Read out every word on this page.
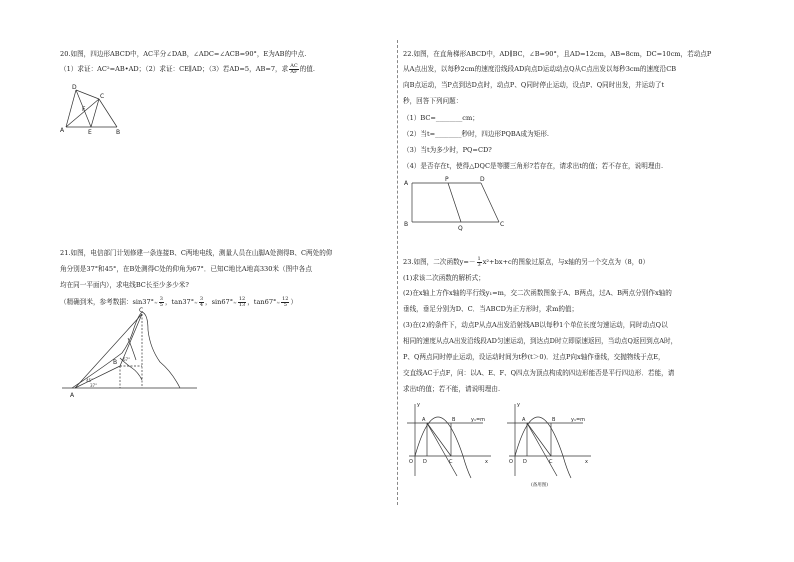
20.如图，四边形ABCD中，AC平分∠DAB，∠ADC=∠ACB=90°，E为AB的中点.
（1）求证：AC²=AB•AD；（2）求证：CE∥AD；（3）若AD=5，AB=7，求 $\frac{AC}{AF}$ 的值.
D
C
F
A	E	B
21.如图，电信部门计划修建一条连接B、C两地电线，测量人员在山脚A处测得B、C两处的仰
角分别是37°和45°，在B处测得C处的仰角为67°．已知C地比A地高330米（图中各点
均在同一平面内），求电线BC长至少多少米?
（精确到米，参考数据：$\sin 37^\circ\approx \frac{3}{5}$ ，$\tan 37^\circ\approx \frac{3}{4}$ ，$\sin 67^\circ\approx \frac{12}{13}$ ，$\tan 67^\circ\approx \frac{12}{5}$ ）
C
B
A
67°
45°
37°
22.如图，在直角梯形ABCD中，AD∥BC，∠B=90°，且AD=12cm，AB=8cm，DC=10cm，若动点P
从A点出发，以每秒2cm的速度沿线段AD向点D运动动点Q从C点出发以每秒3cm的速度沿CB
向B点运动，当P点到达D点时，动点P、Q同时停止运动，设点P、Q同时出发，并运动了t
秒，回答下列问题：
（1）BC=________cm；
（2）当t=________秒时，四边形PQBA成为矩形.
（3）当t为多少时，PQ=CD?
（4）是否存在t，使得△DQC是等腰三角形?若存在，请求出t的值；若不存在，说明理由.
A
P	D
B
Q
C
23.如图，二次函数$y=- \frac{1}{3} x^2+bx+c$的图象过原点，与x轴的另一个交点为（8，0）
(1)求该二次函数的解析式；
(2)在x轴上方作x轴的平行线y₁=m，交二次函数图象于A、B两点，过A、B两点分别作x轴的
垂线，垂足分别为D、C．当ABCD为正方形时，求m的值；
(3)在(2)的条件下，动点P从点A出发沿射线AB以每秒1个单位长度匀速运动，同时动点Q以
相同的速度从点A出发沿线段AD匀速运动，到达点D时立即原速返回，当动点Q返回到点A时，
P、Q两点同时停止运动，设运动时间为t秒(t＞0)．过点P向x轴作垂线，交抛物线于点E，
交直线AC于点F，问：以A、E、F、Q四点为顶点构成的四边形能否是平行四边形．若能，请
求出t的值；若不能，请说明理由.
y
A	B	y₁=m
O D	C	x
y
A	B	y₁=m
O D	C	x
(备用图)
